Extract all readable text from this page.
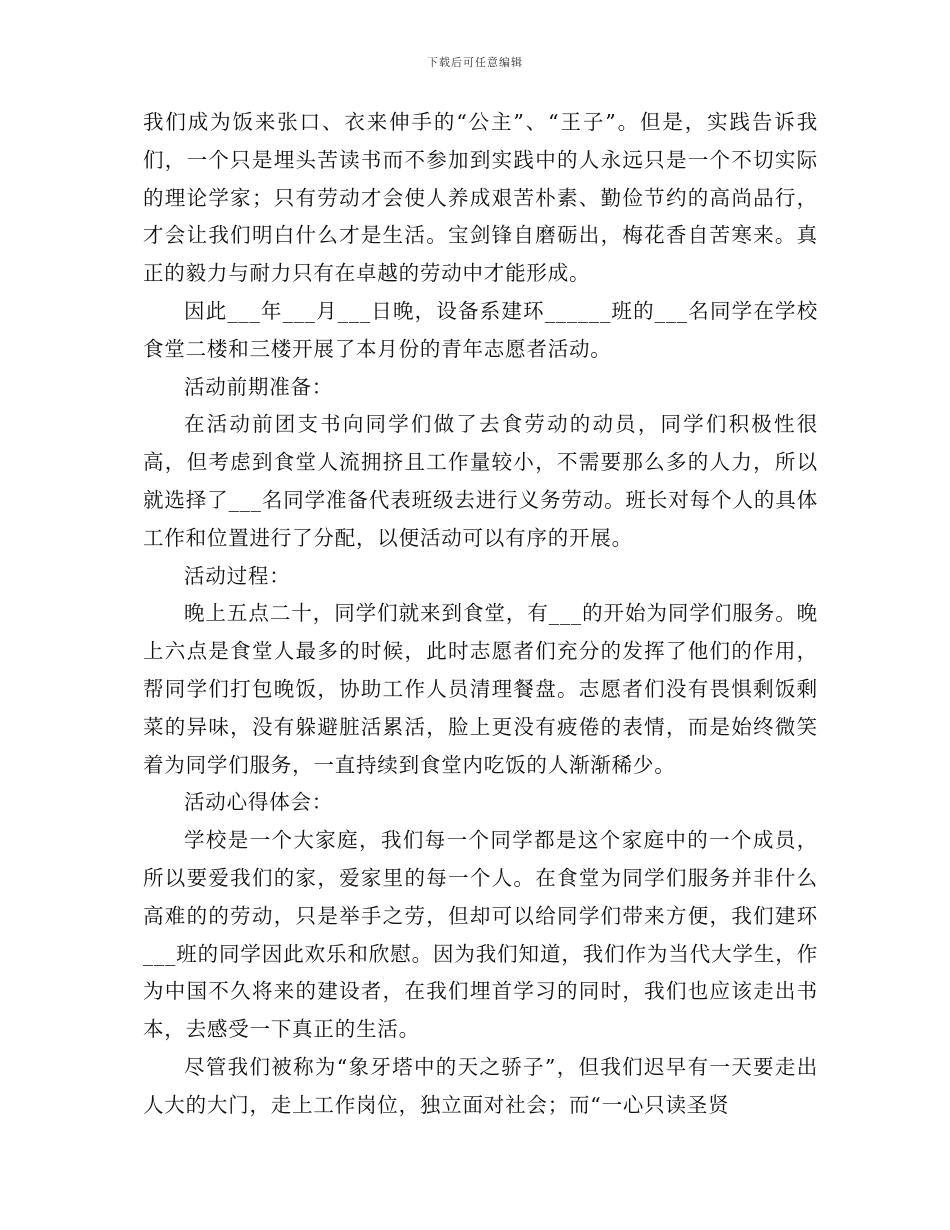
下载后可任意编辑

我们成为饭来张口、衣来伸手的“公主”、“王子”。但是，实践告诉我们，一个只是埋头苦读书而不参加到实践中的人永远只是一个不切实际的理论学家；只有劳动才会使人养成艰苦朴素、勤俭节约的高尚品行，才会让我们明白什么才是生活。宝剑锋自磨砺出，梅花香自苦寒来。真正的毅力与耐力只有在卓越的劳动中才能形成。

因此___年___月___日晚，设备系建环______班的___名同学在学校食堂二楼和三楼开展了本月份的青年志愿者活动。

活动前期准备：

在活动前团支书向同学们做了去食劳动的动员，同学们积极性很高，但考虑到食堂人流拥挤且工作量较小，不需要那么多的人力，所以就选择了___名同学准备代表班级去进行义务劳动。班长对每个人的具体工作和位置进行了分配，以便活动可以有序的开展。

活动过程：

晚上五点二十，同学们就来到食堂，有___的开始为同学们服务。晚上六点是食堂人最多的时候，此时志愿者们充分的发挥了他们的作用，帮同学们打包晚饭，协助工作人员清理餐盘。志愿者们没有畏惧剩饭剩菜的异味，没有躲避脏活累活，脸上更没有疲倦的表情，而是始终微笑着为同学们服务，一直持续到食堂内吃饭的人渐渐稀少。

活动心得体会：

学校是一个大家庭，我们每一个同学都是这个家庭中的一个成员，所以要爱我们的家，爱家里的每一个人。在食堂为同学们服务并非什么高难的的劳动，只是举手之劳，但却可以给同学们带来方便，我们建环___班的同学因此欢乐和欣慰。因为我们知道，我们作为当代大学生，作为中国不久将来的建设者，在我们埋首学习的同时，我们也应该走出书本，去感受一下真正的生活。

尽管我们被称为“象牙塔中的天之骄子”，但我们迟早有一天要走出人大的大门，走上工作岗位，独立面对社会；而“一心只读圣贤
